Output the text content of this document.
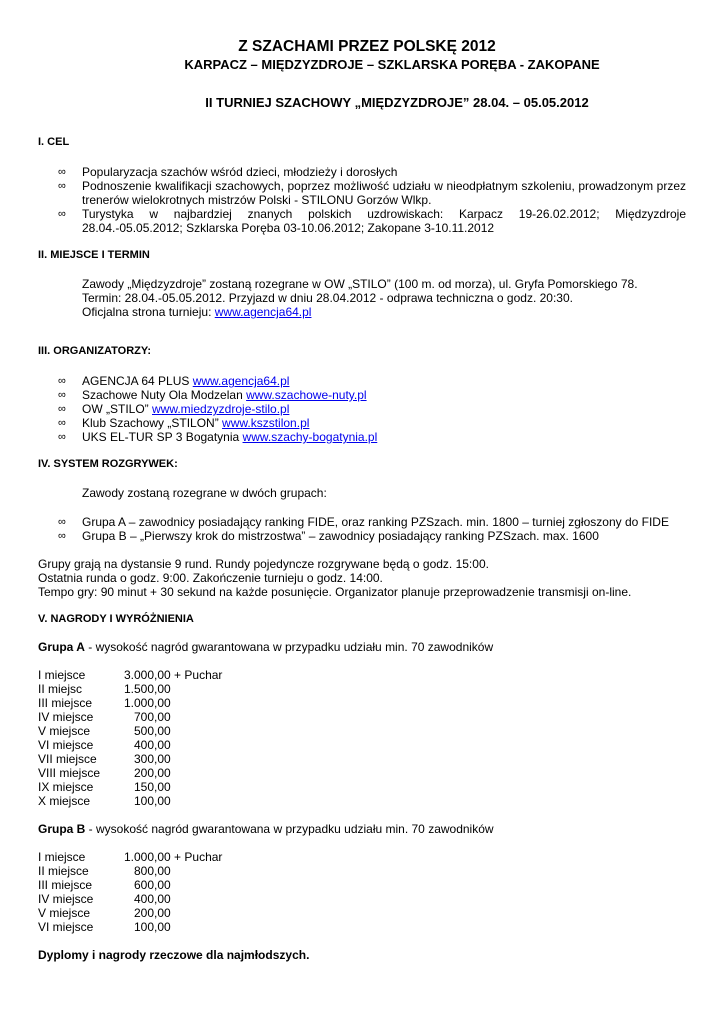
Z SZACHAMI PRZEZ POLSKĘ 2012
KARPACZ – MIĘDZYZDROJE – SZKLARSKA PORĘBA - ZAKOPANE
II TURNIEJ SZACHOWY „MIĘDZYZDROJE” 28.04. – 05.05.2012
I. CEL
∞ Popularyzacja szachów wśród dzieci, młodzieży i dorosłych
∞ Podnoszenie kwalifikacji szachowych, poprzez możliwość udziału w nieodpłatnym szkoleniu, prowadzonym przez trenerów wielokrotnych mistrzów Polski - STILONU Gorzów Wlkp.
∞ Turystyka w najbardziej znanych polskich uzdrowiskach: Karpacz 19-26.02.2012; Międzyzdroje 28.04.-05.05.2012; Szklarska Poręba 03-10.06.2012; Zakopane 3-10.11.2012
II. MIEJSCE I TERMIN
Zawody „Międzyzdroje” zostaną rozegrane w OW „STILO” (100 m. od morza), ul. Gryfa Pomorskiego 78.
Termin: 28.04.-05.05.2012. Przyjazd w dniu 28.04.2012 - odprawa techniczna o godz. 20:30.
Oficjalna strona turnieju: www.agencja64.pl
III. ORGANIZATORZY:
∞ AGENCJA 64 PLUS www.agencja64.pl
∞ Szachowe Nuty Ola Modzelan www.szachowe-nuty.pl
∞ OW „STILO” www.miedzyzdroje-stilo.pl
∞ Klub Szachowy „STILON” www.kszstilon.pl
∞ UKS EL-TUR SP 3 Bogatynia www.szachy-bogatynia.pl
IV. SYSTEM ROZGRYWEK:
Zawody zostaną rozegrane w dwóch grupach:
∞ Grupa A – zawodnicy posiadający ranking FIDE, oraz ranking PZSzach. min. 1800 – turniej zgłoszony do FIDE
∞ Grupa B – „Pierwszy krok do mistrzostwa” – zawodnicy posiadający ranking PZSzach. max. 1600
Grupy grają na dystansie 9 rund. Rundy pojedyncze rozgrywane będą o godz. 15:00.
Ostatnia runda o godz. 9:00. Zakończenie turnieju o godz. 14:00.
Tempo gry: 90 minut + 30 sekund na każde posunięcie. Organizator planuje przeprowadzenie transmisji on-line.
V. NAGRODY I WYRÓŻNIENIA
Grupa A - wysokość nagród gwarantowana w przypadku udziału min. 70 zawodników
I miejsce	3.000,00 + Puchar
II miejsc	1.500,00
III miejsce	1.000,00
IV miejsce	700,00
V miejsce	500,00
VI miejsce	400,00
VII miejsce	300,00
VIII miejsce	200,00
IX miejsce	150,00
X miejsce	100,00
Grupa B - wysokość nagród gwarantowana w przypadku udziału min. 70 zawodników
I miejsce	1.000,00 + Puchar
II miejsce	800,00
III miejsce	600,00
IV miejsce	400,00
V miejsce	200,00
VI miejsce	100,00
Dyplomy i nagrody rzeczowe dla najmłodszych.
